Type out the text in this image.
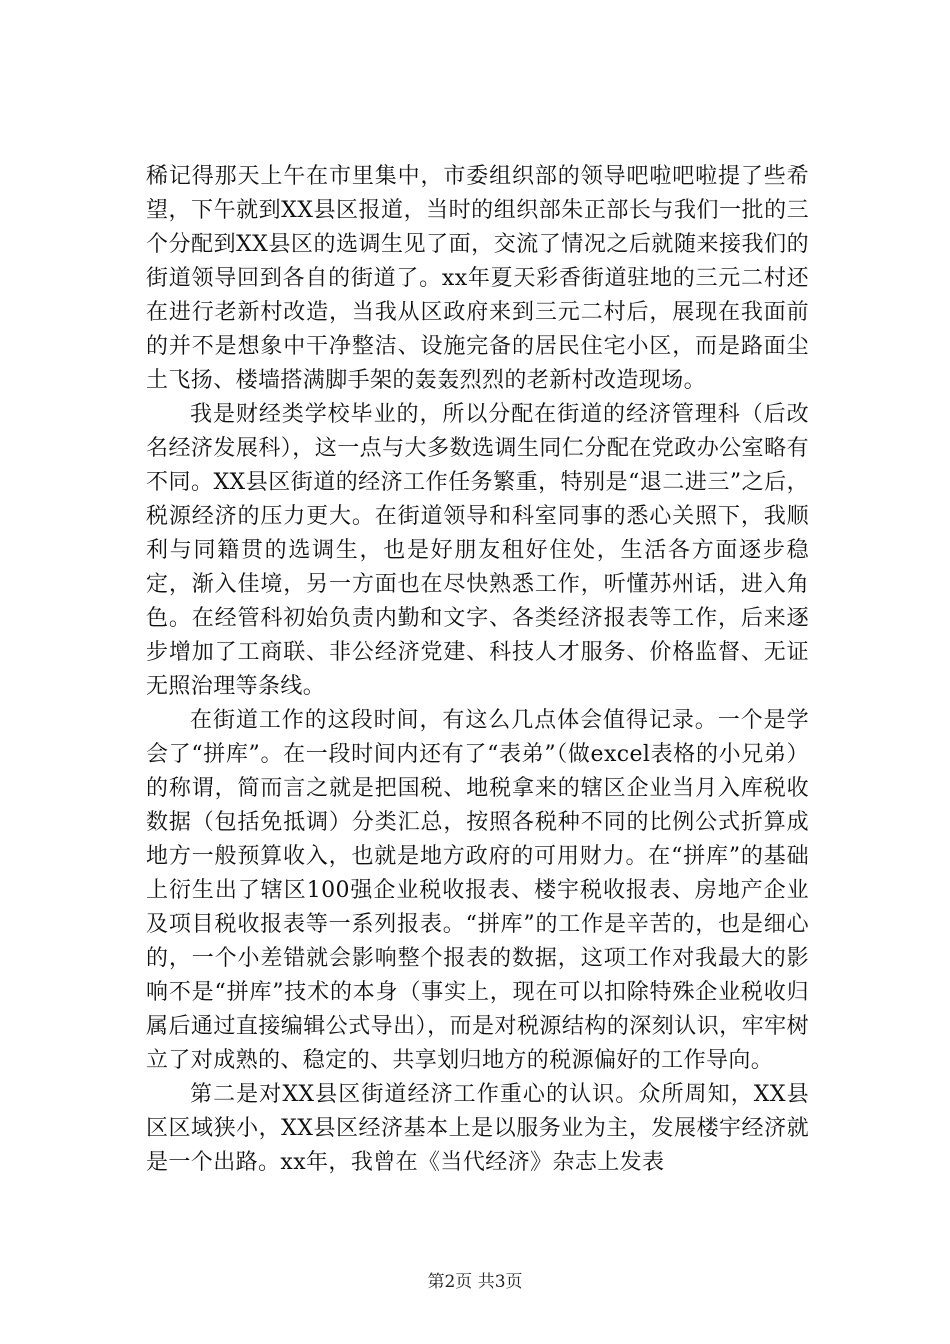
稀记得那天上午在市里集中，市委组织部的领导吧啦吧啦提了些希望，下午就到XX县区报道，当时的组织部朱正部长与我们一批的三个分配到XX县区的选调生见了面，交流了情况之后就随来接我们的街道领导回到各自的街道了。xx年夏天彩香街道驻地的三元二村还在进行老新村改造，当我从区政府来到三元二村后，展现在我面前的并不是想象中干净整洁、设施完备的居民住宅小区，而是路面尘土飞扬、楼墙搭满脚手架的轰轰烈烈的老新村改造现场。

我是财经类学校毕业的，所以分配在街道的经济管理科（后改名经济发展科），这一点与大多数选调生同仁分配在党政办公室略有不同。XX县区街道的经济工作任务繁重，特别是“退二进三”之后，税源经济的压力更大。在街道领导和科室同事的悉心关照下，我顺利与同籍贯的选调生，也是好朋友租好住处，生活各方面逐步稳定，渐入佳境，另一方面也在尽快熟悉工作，听懂苏州话，进入角色。在经管科初始负责内勤和文字、各类经济报表等工作，后来逐步增加了工商联、非公经济党建、科技人才服务、价格监督、无证无照治理等条线。

在街道工作的这段时间，有这么几点体会值得记录。一个是学会了“拼库”。在一段时间内还有了“表弟”（做excel表格的小兄弟）的称谓，简而言之就是把国税、地税拿来的辖区企业当月入库税收数据（包括免抵调）分类汇总，按照各税种不同的比例公式折算成地方一般预算收入，也就是地方政府的可用财力。在“拼库”的基础上衍生出了辖区100强企业税收报表、楼宇税收报表、房地产企业及项目税收报表等一系列报表。“拼库”的工作是辛苦的，也是细心的，一个小差错就会影响整个报表的数据，这项工作对我最大的影响不是“拼库”技术的本身（事实上，现在可以扣除特殊企业税收归属后通过直接编辑公式导出），而是对税源结构的深刻认识，牢牢树立了对成熟的、稳定的、共享划归地方的税源偏好的工作导向。

第二是对XX县区街道经济工作重心的认识。众所周知，XX县区区域狭小，XX县区经济基本上是以服务业为主，发展楼宇经济就是一个出路。xx年，我曾在《当代经济》杂志上发表

第2页 共3页
